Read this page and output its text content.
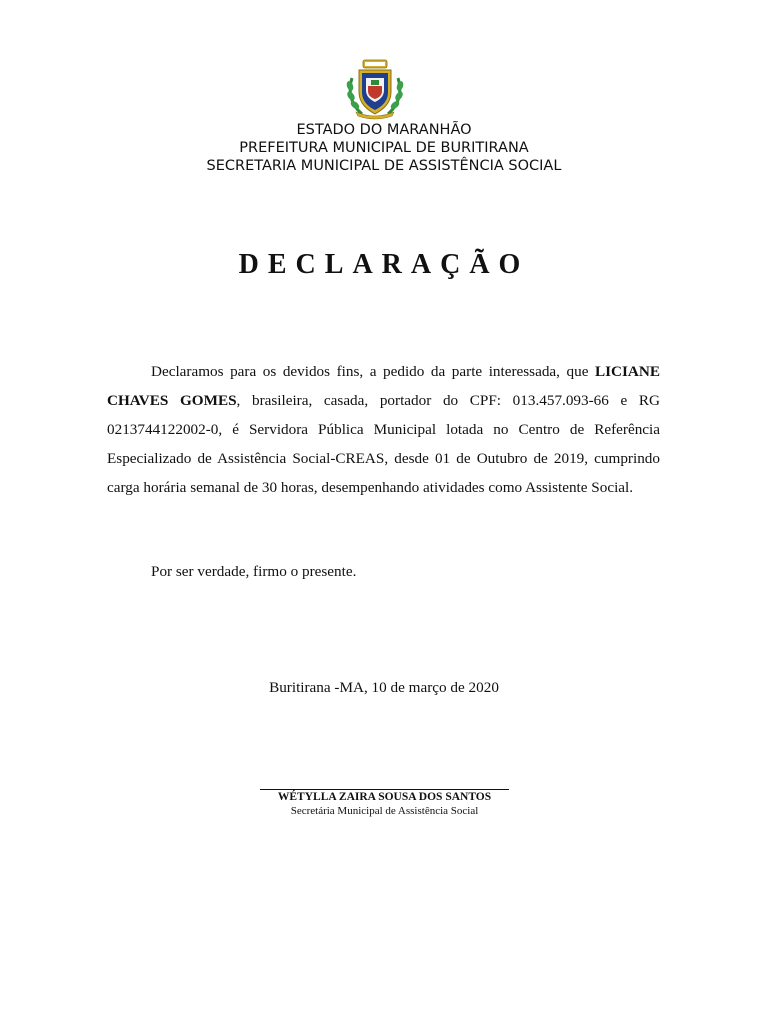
ESTADO DO MARANHÃO
PREFEITURA MUNICIPAL DE BURITIRANA
SECRETARIA MUNICIPAL DE ASSISTÊNCIA SOCIAL
DECLARAÇÃO
Declaramos para os devidos fins, a pedido da parte interessada, que LICIANE CHAVES GOMES, brasileira, casada, portador do CPF: 013.457.093-66 e RG 0213744122002-0, é Servidora Pública Municipal lotada no Centro de Referência Especializado de Assistência Social-CREAS, desde 01 de Outubro de 2019, cumprindo carga horária semanal de 30 horas, desempenhando atividades como Assistente Social.
Por ser verdade, firmo o presente.
Buritirana -MA, 10 de março de 2020
WÉTYLLA ZAIRA SOUSA DOS SANTOS
Secretária Municipal de Assistência Social
